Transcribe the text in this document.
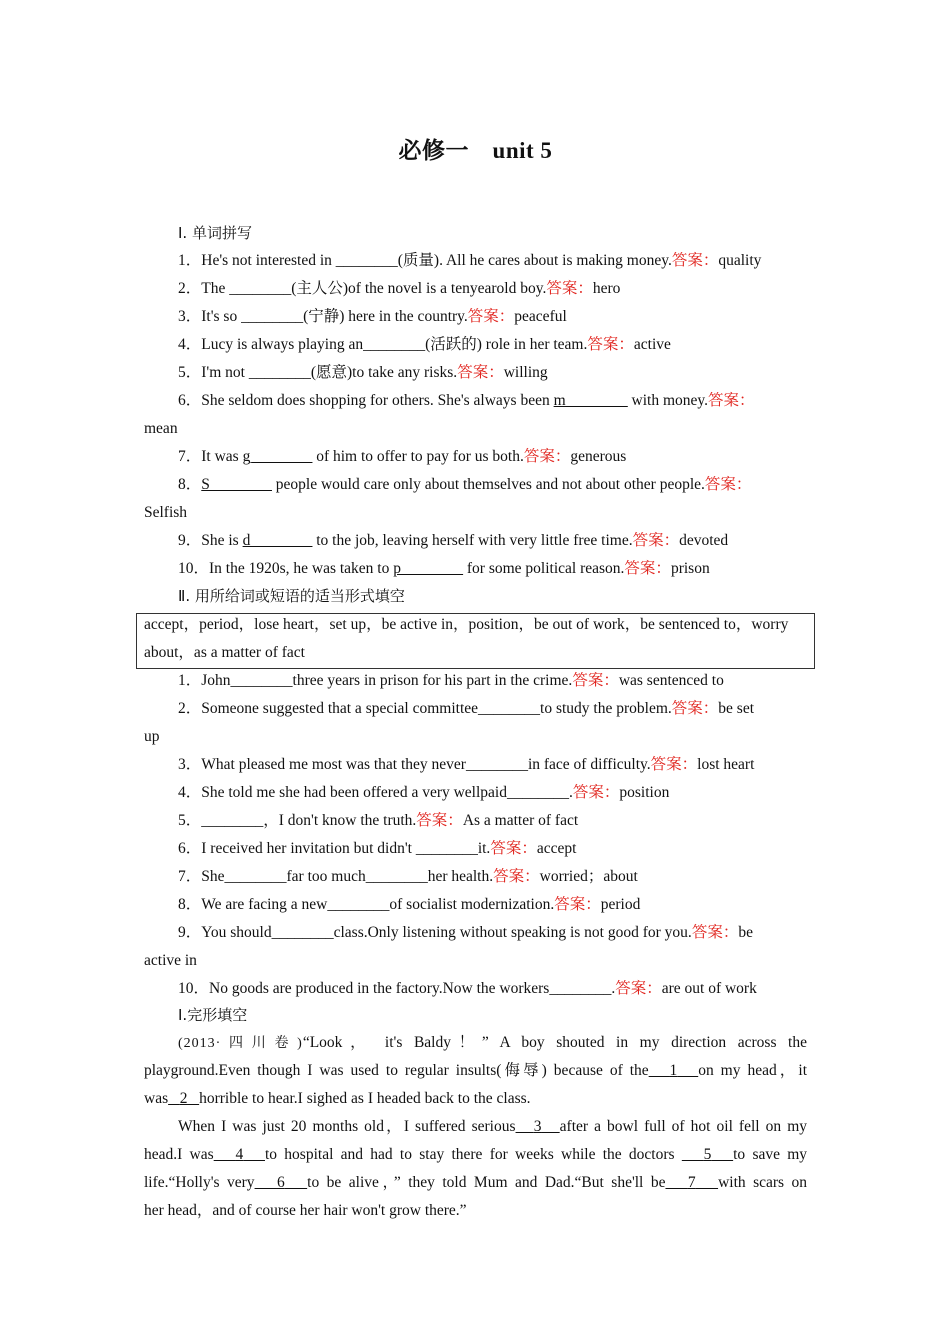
必修一　unit 5
Ⅰ. 单词拼写
1．He's not interested in ________(质量). All he cares about is making money.答案：quality
2．The ________(主人公)of the novel is a tenyearold boy.答案：hero
3．It's so ________(宁静) here in the country.答案：peaceful
4．Lucy is always playing an________(活跃的) role in her team.答案：active
5．I'm not ________(愿意)to take any risks.答案：willing
6．She seldom does shopping for others. She's always been m________ with money.答案：
mean
7．It was g________ of him to offer to pay for us both.答案：generous
8．S________ people would care only about themselves and not about other people.答案：
Selfish
9．She is d________ to the job, leaving herself with very little free time.答案：devoted
10．In the 1920s, he was taken to p________ for some political reason.答案：prison
Ⅱ. 用所给词或短语的适当形式填空
accept，period，lose heart，set up，be active in，position，be out of work，be sentenced to，worry
about，as a matter of fact
1．John________three years in prison for his part in the crime.答案：was sentenced to
2．Someone suggested that a special committee________to study the problem.答案：be set
up
3．What pleased me most was that they never________in face of difficulty.答案：lost heart
4．She told me she had been offered a very wellpaid________.答案：position
5．________，I don't know the truth.答案：As a matter of fact
6．I received her invitation but didn't ________it.答案：accept
7．She________far too much________her health.答案：worried；about
8．We are facing a new________of socialist modernization.答案：period
9．You should________class.Only listening without speaking is not good for you.答案：be
active in
10．No goods are produced in the factory.Now the workers________.答案：are out of work
Ⅰ.完形填空
(2013·四川卷)“Look， it's Baldy！” A boy shouted in my direction across the
playground.Even though I was used to regular insults(侮辱) because of the 1 on my head，it
was 2 horrible to hear.I sighed as I headed back to the class.
When I was just 20 months old，I suffered serious 3 after a bowl full of hot oil fell on my
head.I was 4 to hospital and had to stay there for weeks while the doctors 5 to save my
life.“Holly's very 6 to be alive，” they told Mum and Dad.“But she'll be 7 with scars on
her head，and of course her hair won't grow there.”
